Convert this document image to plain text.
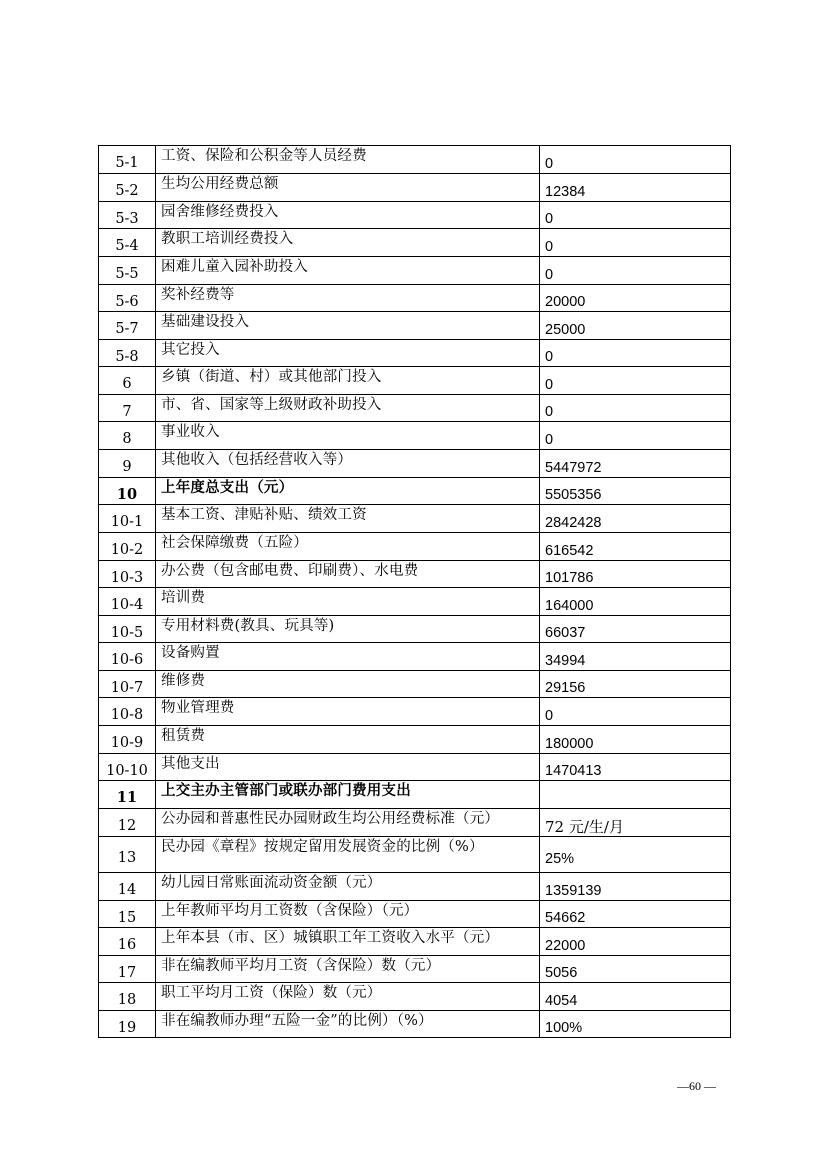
5-1	工资、保险和公积金等人员经费	0
5-2	生均公用经费总额	12384
5-3	园舍维修经费投入	0
5-4	教职工培训经费投入	0
5-5	困难儿童入园补助投入	0
5-6	奖补经费等	20000
5-7	基础建设投入	25000
5-8	其它投入	0
6	乡镇（街道、村）或其他部门投入	0
7	市、省、国家等上级财政补助投入	0
8	事业收入	0
9	其他收入（包括经营收入等）	5447972
10	上年度总支出（元）	5505356
10-1	基本工资、津贴补贴、绩效工资	2842428
10-2	社会保障缴费（五险）	616542
10-3	办公费（包含邮电费、印刷费）、水电费	101786
10-4	培训费	164000
10-5	专用材料费(教具、玩具等)	66037
10-6	设备购置	34994
10-7	维修费	29156
10-8	物业管理费	0
10-9	租赁费	180000
10-10	其他支出	1470413
11	上交主办主管部门或联办部门费用支出	
12	公办园和普惠性民办园财政生均公用经费标准（元）	72 元/生/月
13	民办园《章程》按规定留用发展资金的比例（%）	25%
14	幼儿园日常账面流动资金额（元）	1359139
15	上年教师平均月工资数（含保险）（元）	54662
16	上年本县（市、区）城镇职工年工资收入水平（元）	22000
17	非在编教师平均月工资（含保险）数（元）	5056
18	职工平均月工资（保险）数（元）	4054
19	非在编教师办理“五险一金”的比例）（%）	100%
—60 —
